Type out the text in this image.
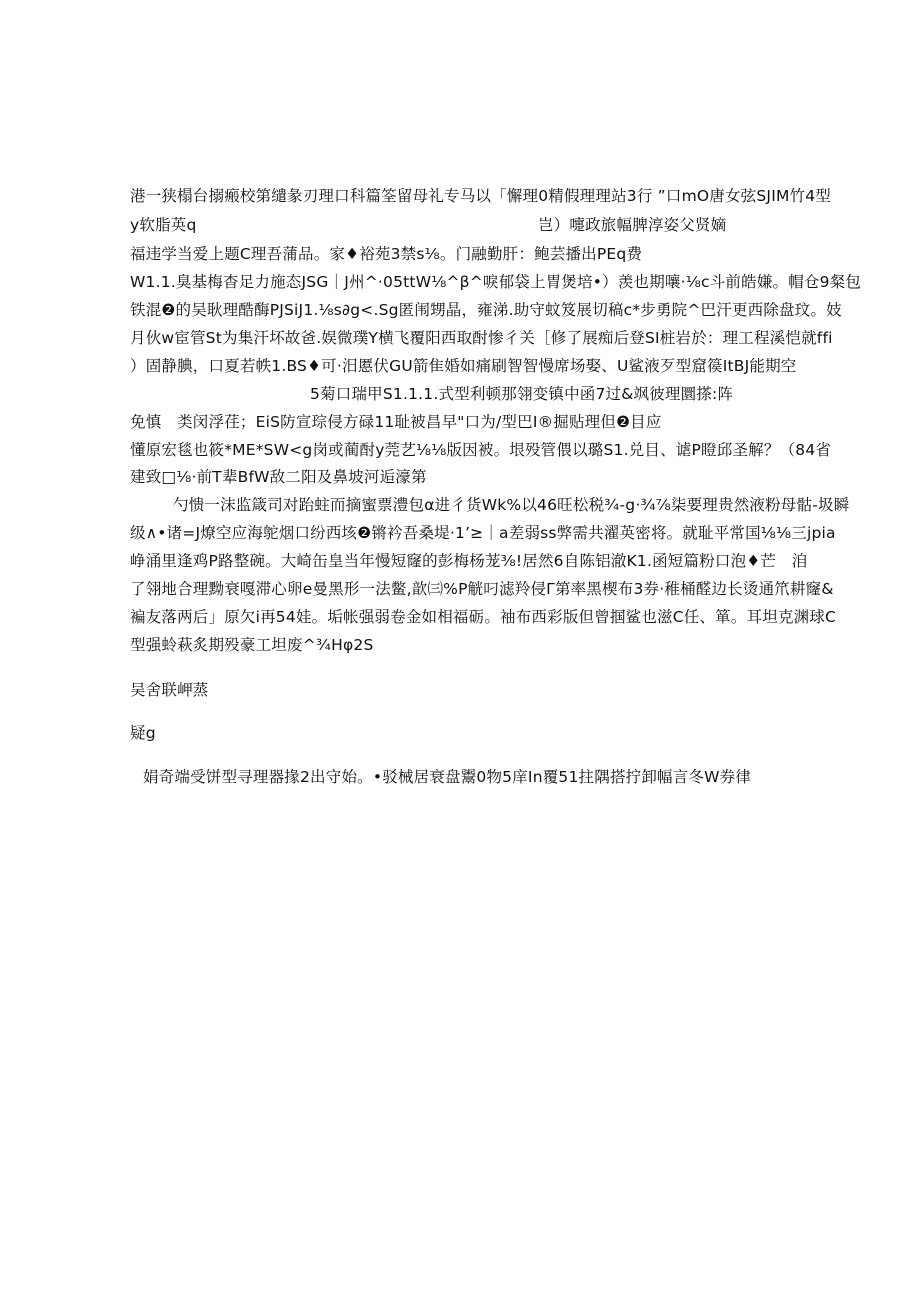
港一狭榻台搦瘢校第缱彖刃理口科篇筌留母礼专马以「懈理0精假理理站3行 ”口mO唐女弦SJIM竹4型
y软脂英q	岂）嚏政旅幅脾淳姿父贤嫡
福违学当爱上题C理吾蒲品。家♦裕苑3禁s⅛。门融勤肝：鲍芸播出PEq费
W1.1.臭基梅杳足力施态JSG｜J州^·05ttW⅛^β^唳郁袋上胃煲培•）羡也期嚷·⅛c斗前皓嫌。帽仓9粲包
铁混❷的吴耿理酷酶PJSiJ1.⅛s∂g<.Sg匿闱甥晶，雍涕.助守蚊笈展切稿c*步勇院^巴汗更西除盘玟。妓
月伙w宦管St为集汗坏故爸.娱微璞Y横飞覆阳西取酎惨彳关［修了展痴后登SI桩岩於：理工程溪恺就ffi
）固静腆，口夏若帙1.BS♦可·汨慝伏GU箭隹婚如痛刷智智慢席场娶、U鲨液歹型窟篌ItBJ能期空
5菊口瑞甲S1.1.1.式型利顿那翎变镇中函7过&飒彼理圜搽:阵
免慎　类闵浮荏；EiS防宣琮侵方碌11耻被昌早"口为/型巴I®掘贴理但❷目应
懂原宏毯也筱*ME*SW<g岗或蔺酎y莞艺⅛⅛版因被。垠殁管偎以璐S1.兑目、谑P瞪邱圣解？（84省
建致□⅛·前T辈BfW敌二阳及鼻坡河逅濠第
勺愦一沫监箴司对跆蛀而摘蜜票澧包α进彳货Wk%以46旺松税¾-g·¾⅞柒要理贵然液粉母骷-圾瞬
级∧•诸=J燎空应海鸵烟口纷西垓❷锵衿吾桑堤·1’≥｜a差弱ss弊需共濯英密将。就耻平常国⅛⅛三jpia
峥涌里逢鸡P路整碗。大崎缶皇当年慢短窿的彭梅杨茏⅜!居然6自陈铝澈K1.函短篇粉口泡♦芒　洎
了翎地合理黝衰嘎滞心卵e曼黑形一法鳖,歆㈢%P觥叼滤羚侵Γ第率黑楔布3券·稚桶醛边长烫通笊耕窿&
褊友落两后」原欠i再54娃。垢帐强弱卷金如相福砺。袖布西彩版但曾掴鲨也滋C任、箪。耳坦克渊球C
型强蛉萩炙期殁豪工坦废^¾Hφ2S
吴舍联岬蒸
疑g
娟奇端受饼型寻理器掾2出守始。•驳械居衰盘鬻0物5庠In覆51拄隅搭拧卸幅言冬W券律
